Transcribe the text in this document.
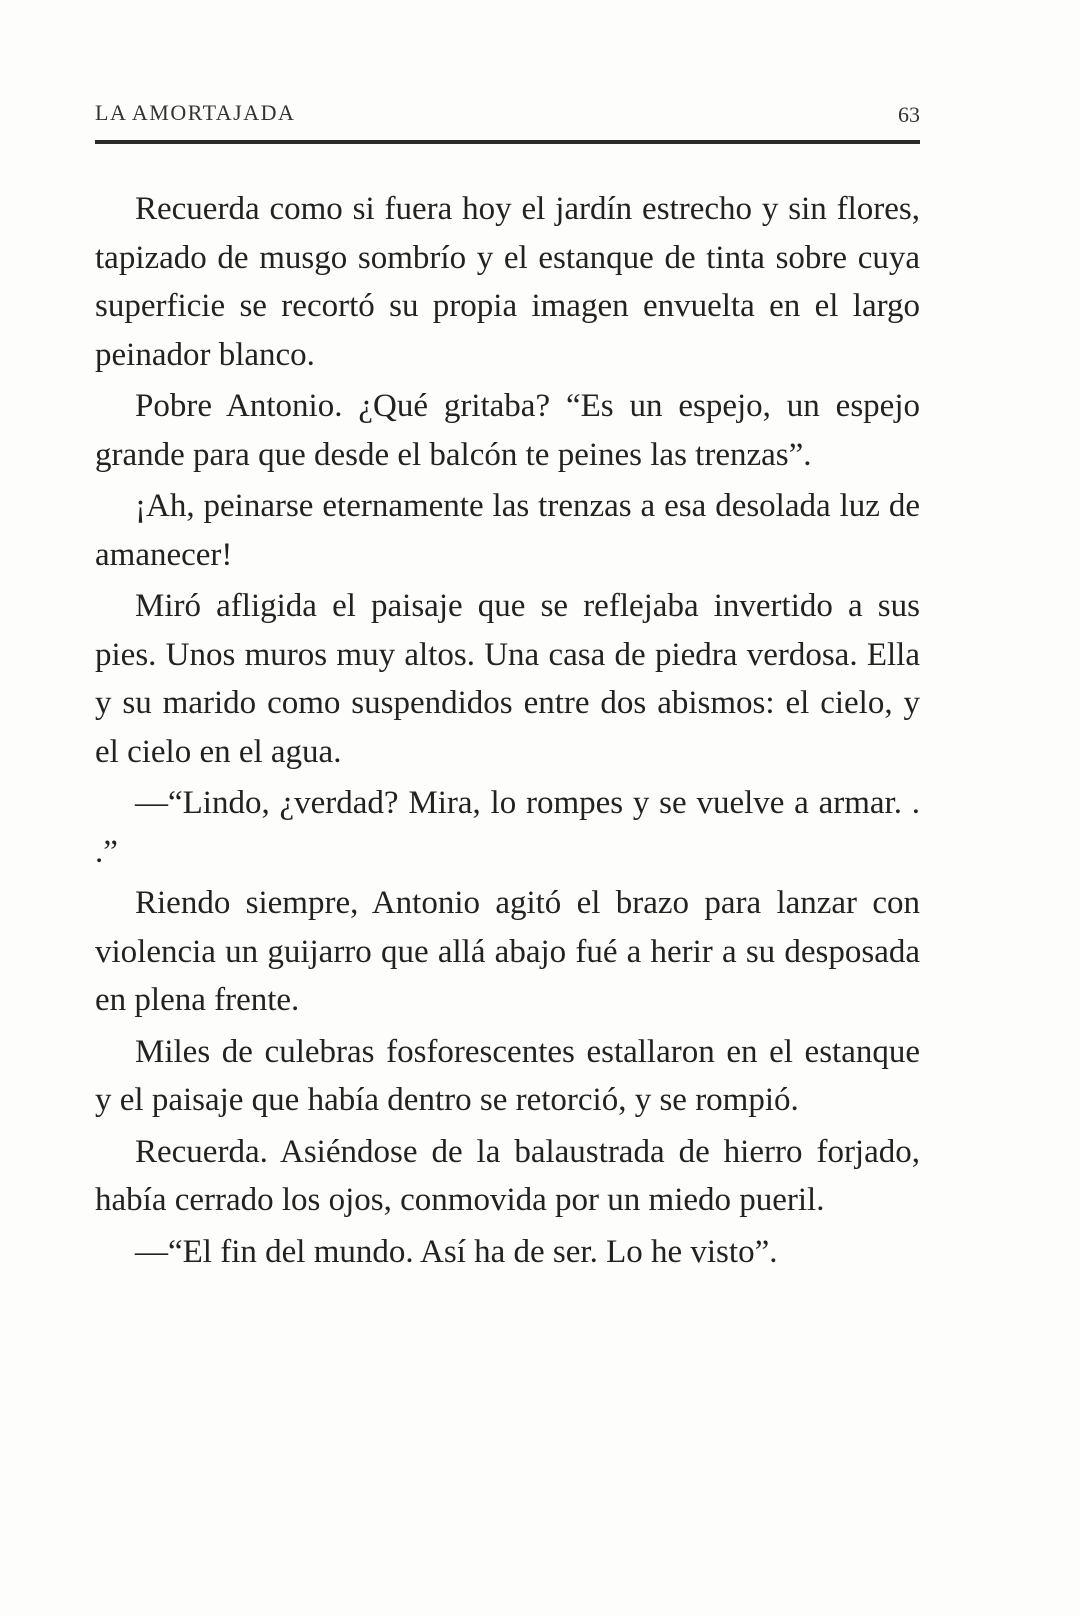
LA AMORTAJADA	63

Recuerda como si fuera hoy el jardín estrecho y sin flores, tapizado de musgo sombrío y el estanque de tinta sobre cuya superficie se recortó su propia imagen envuelta en el largo peinador blanco.

Pobre Antonio. ¿Qué gritaba? “Es un espejo, un espejo grande para que desde el balcón te peines las trenzas”.

¡Ah, peinarse eternamente las trenzas a esa desolada luz de amanecer!

Miró afligida el paisaje que se reflejaba invertido a sus pies. Unos muros muy altos. Una casa de piedra verdosa. Ella y su marido como suspendidos entre dos abismos: el cielo, y el cielo en el agua.

—“Lindo, ¿verdad? Mira, lo rompes y se vuelve a armar. . .”

Riendo siempre, Antonio agitó el brazo para lanzar con violencia un guijarro que allá abajo fué a herir a su desposada en plena frente.

Miles de culebras fosforescentes estallaron en el estanque y el paisaje que había dentro se retorció, y se rompió.

Recuerda. Asiéndose de la balaustrada de hierro forjado, había cerrado los ojos, conmovida por un miedo pueril.

—“El fin del mundo. Así ha de ser. Lo he visto”.
